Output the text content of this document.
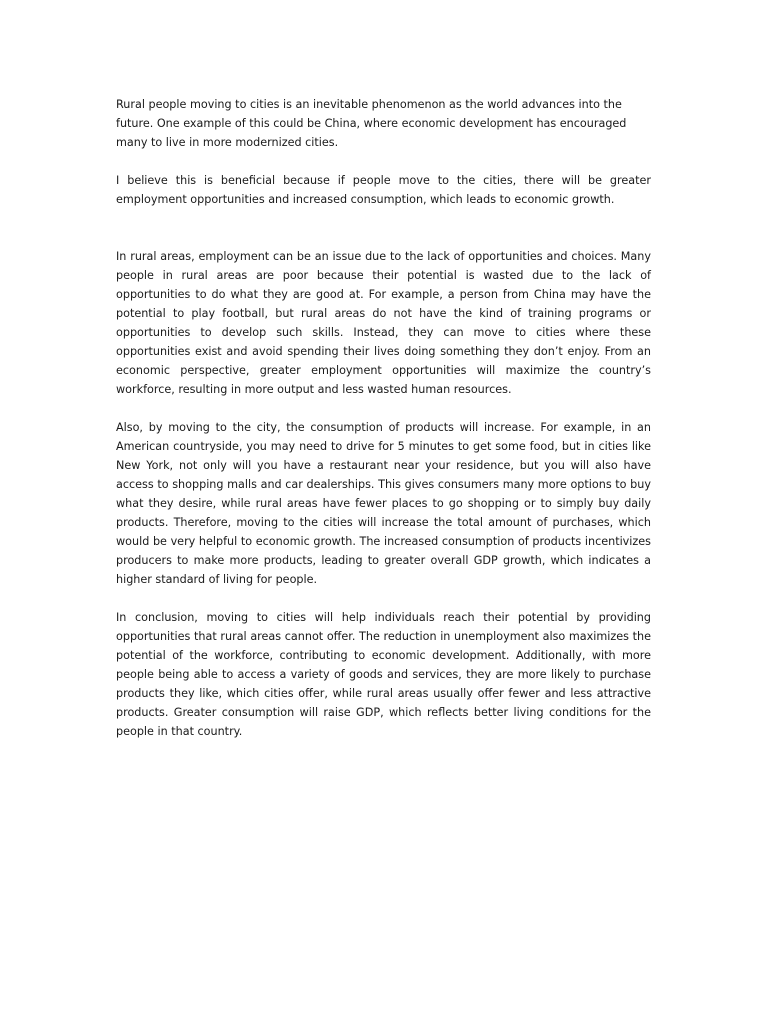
Rural people moving to cities is an inevitable phenomenon as the world advances into the future. One example of this could be China, where economic development has encouraged many to live in more modernized cities.

I believe this is beneficial because if people move to the cities, there will be greater employment opportunities and increased consumption, which leads to economic growth.

In rural areas, employment can be an issue due to the lack of opportunities and choices. Many people in rural areas are poor because their potential is wasted due to the lack of opportunities to do what they are good at. For example, a person from China may have the potential to play football, but rural areas do not have the kind of training programs or opportunities to develop such skills. Instead, they can move to cities where these opportunities exist and avoid spending their lives doing something they don’t enjoy. From an economic perspective, greater employment opportunities will maximize the country’s workforce, resulting in more output and less wasted human resources.

Also, by moving to the city, the consumption of products will increase. For example, in an American countryside, you may need to drive for 5 minutes to get some food, but in cities like New York, not only will you have a restaurant near your residence, but you will also have access to shopping malls and car dealerships. This gives consumers many more options to buy what they desire, while rural areas have fewer places to go shopping or to simply buy daily products. Therefore, moving to the cities will increase the total amount of purchases, which would be very helpful to economic growth. The increased consumption of products incentivizes producers to make more products, leading to greater overall GDP growth, which indicates a higher standard of living for people.

In conclusion, moving to cities will help individuals reach their potential by providing opportunities that rural areas cannot offer. The reduction in unemployment also maximizes the potential of the workforce, contributing to economic development. Additionally, with more people being able to access a variety of goods and services, they are more likely to purchase products they like, which cities offer, while rural areas usually offer fewer and less attractive products. Greater consumption will raise GDP, which reflects better living conditions for the people in that country.
